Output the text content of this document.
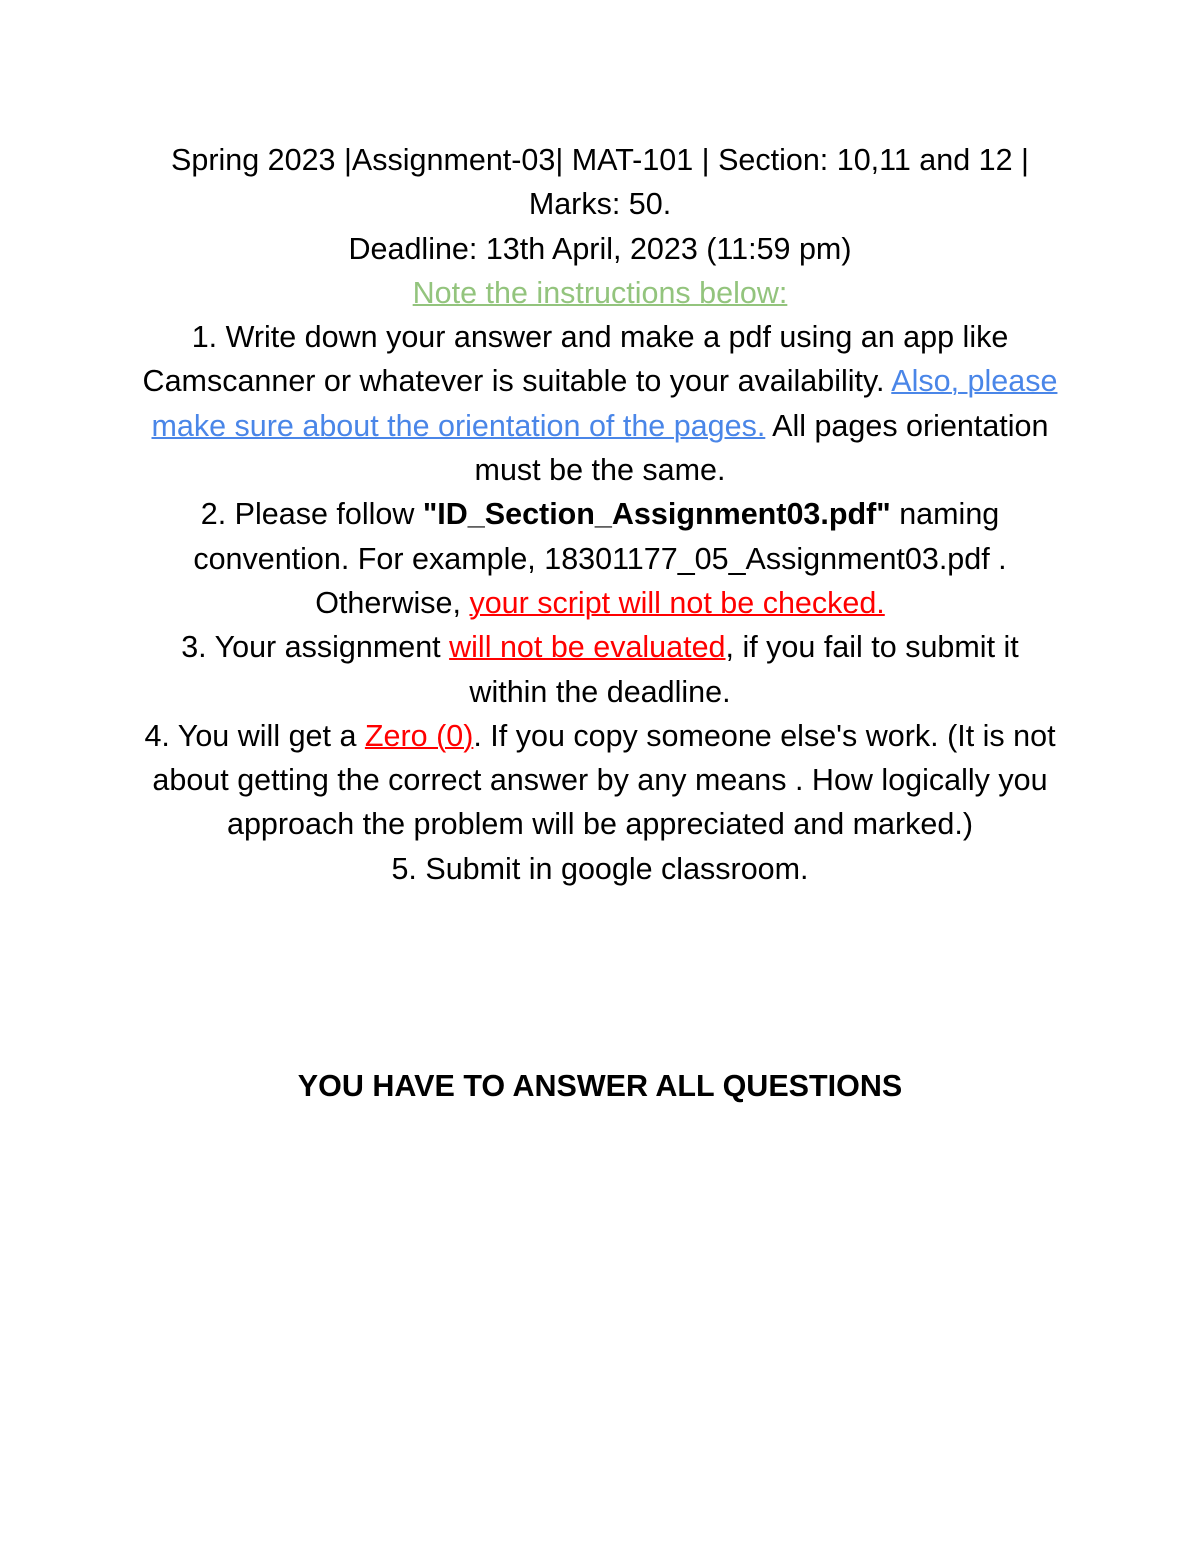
Spring 2023 |Assignment-03| MAT-101 | Section: 10,11 and 12 | Marks: 50.

Deadline: 13th April, 2023 (11:59 pm)

Note the instructions below:

1. Write down your answer and make a pdf using an app like Camscanner or whatever is suitable to your availability. Also, please make sure about the orientation of the pages. All pages orientation must be the same.

2. Please follow "ID_Section_Assignment03.pdf" naming convention. For example, 18301177_05_Assignment03.pdf . Otherwise, your script will not be checked.

3. Your assignment will not be evaluated, if you fail to submit it within the deadline.

4. You will get a Zero (0). If you copy someone else's work. (It is not about getting the correct answer by any means . How logically you approach the problem will be appreciated and marked.)

5. Submit in google classroom.

YOU HAVE TO ANSWER ALL QUESTIONS
